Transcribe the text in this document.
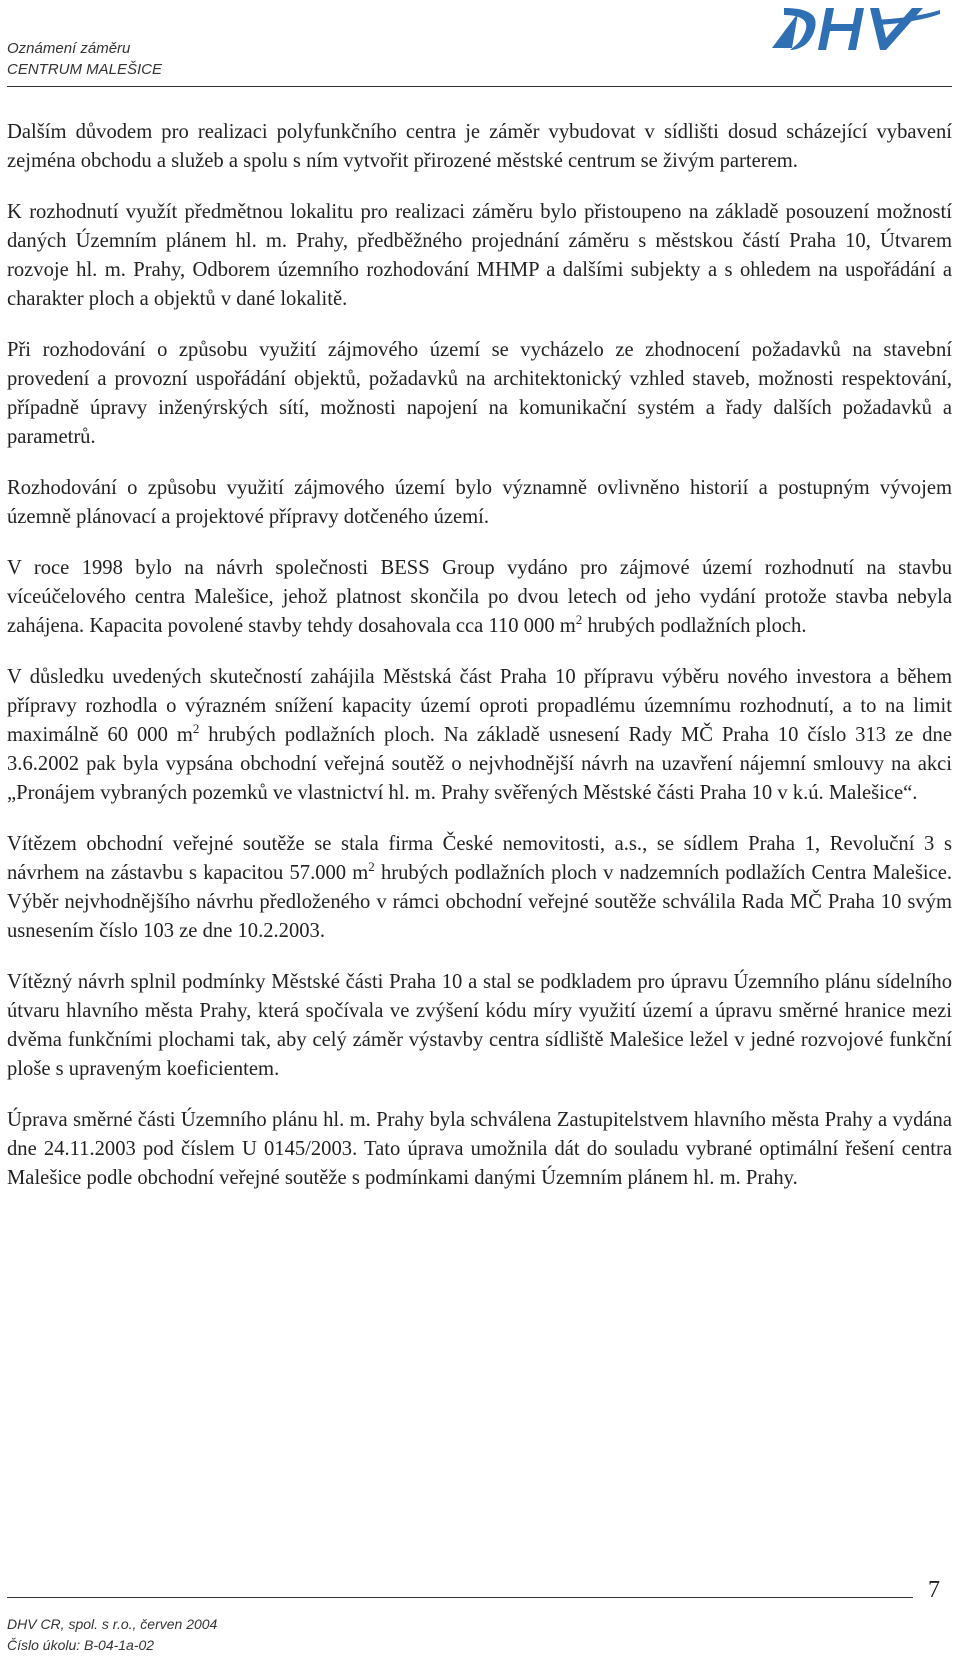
Oznámení záměru
CENTRUM MALEŠICE

Dalším důvodem pro realizaci polyfunkčního centra je záměr vybudovat v sídlišti dosud scházející vybavení zejména obchodu a služeb a spolu s ním vytvořit přirozené městské centrum se živým parterem.

K rozhodnutí využít předmětnou lokalitu pro realizaci záměru bylo přistoupeno na základě posouzení možností daných Územním plánem hl. m. Prahy, předběžného projednání záměru s městskou částí Praha 10, Útvarem rozvoje hl. m. Prahy, Odborem územního rozhodování MHMP a dalšími subjekty a s ohledem na uspořádání a charakter ploch a objektů v dané lokalitě.

Při rozhodování o způsobu využití zájmového území se vycházelo ze zhodnocení požadavků na stavební provedení a provozní uspořádání objektů, požadavků na architektonický vzhled staveb, možnosti respektování, případně úpravy inženýrských sítí, možnosti napojení na komunikační systém a řady dalších požadavků a parametrů.

Rozhodování o způsobu využití zájmového území bylo významně ovlivněno historií a postupným vývojem územně plánovací a projektové přípravy dotčeného území.

V roce 1998 bylo na návrh společnosti BESS Group vydáno pro zájmové území rozhodnutí na stavbu víceúčelového centra Malešice, jehož platnost skončila po dvou letech od jeho vydání protože stavba nebyla zahájena. Kapacita povolené stavby tehdy dosahovala cca 110 000 $m^2$ hrubých podlažních ploch.

V důsledku uvedených skutečností zahájila Městská část Praha 10 přípravu výběru nového investora a během přípravy rozhodla o výrazném snížení kapacity území oproti propadlému územnímu rozhodnutí, a to na limit maximálně 60 000 $m^2$ hrubých podlažních ploch. Na základě usnesení Rady MČ Praha 10 číslo 313 ze dne 3.6.2002 pak byla vypsána obchodní veřejná soutěž o nejvhodnější návrh na uzavření nájemní smlouvy na akci „Pronájem vybraných pozemků ve vlastnictví hl. m. Prahy svěřených Městské části Praha 10 v k.ú. Malešice“.

Vítězem obchodní veřejné soutěže se stala firma České nemovitosti, a.s., se sídlem Praha 1, Revoluční 3 s návrhem na zástavbu s kapacitou 57.000 $m^2$ hrubých podlažních ploch v nadzemních podlažích Centra Malešice. Výběr nejvhodnějšího návrhu předloženého v rámci obchodní veřejné soutěže schválila Rada MČ Praha 10 svým usnesením číslo 103 ze dne 10.2.2003.

Vítězný návrh splnil podmínky Městské části Praha 10 a stal se podkladem pro úpravu Územního plánu sídelního útvaru hlavního města Prahy, která spočívala ve zvýšení kódu míry využití území a úpravu směrné hranice mezi dvěma funkčními plochami tak, aby celý záměr výstavby centra sídliště Malešice ležel v jedné rozvojové funkční ploše s upraveným koeficientem.

Úprava směrné části Územního plánu hl. m. Prahy byla schválena Zastupitelstvem hlavního města Prahy a vydána dne 24.11.2003 pod číslem U 0145/2003. Tato úprava umožnila dát do souladu vybrané optimální řešení centra Malešice podle obchodní veřejné soutěže s podmínkami danými Územním plánem hl. m. Prahy.

DHV CR, spol. s r.o., červen 2004
Číslo úkolu: B-04-1a-02
7
